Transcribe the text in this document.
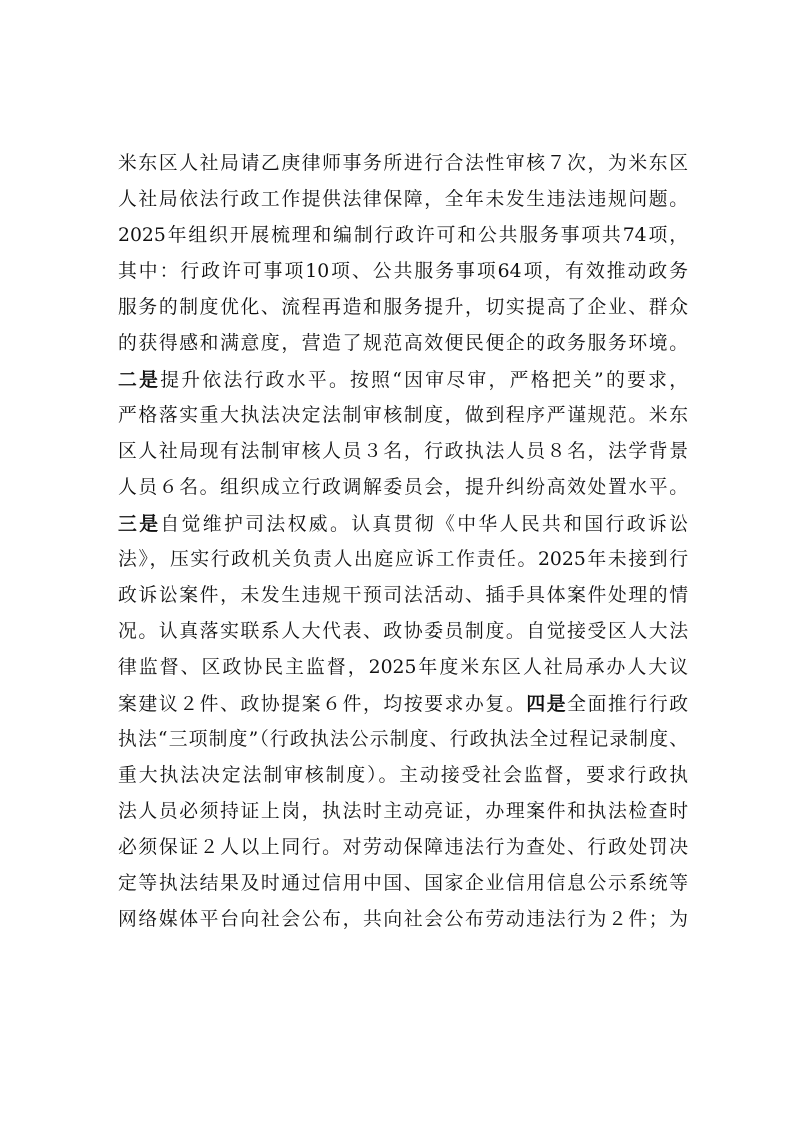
米东区人社局请乙庚律师事务所进行合法性审核７次，为米东区
人社局依法行政工作提供法律保障，全年未发生违法违规问题。
2025年组织开展梳理和编制行政许可和公共服务事项共74项，
其中：行政许可事项10项、公共服务事项64项，有效推动政务
服务的制度优化、流程再造和服务提升，切实提高了企业、群众
的获得感和满意度，营造了规范高效便民便企的政务服务环境。
二是提升依法行政水平。按照“因审尽审，严格把关”的要求，
严格落实重大执法决定法制审核制度，做到程序严谨规范。米东
区人社局现有法制审核人员３名，行政执法人员８名，法学背景
人员６名。组织成立行政调解委员会，提升纠纷高效处置水平。
三是自觉维护司法权威。认真贯彻《中华人民共和国行政诉讼
法》，压实行政机关负责人出庭应诉工作责任。2025年未接到行
政诉讼案件，未发生违规干预司法活动、插手具体案件处理的情
况。认真落实联系人大代表、政协委员制度。自觉接受区人大法
律监督、区政协民主监督，2025年度米东区人社局承办人大议
案建议２件、政协提案６件，均按要求办复。四是全面推行行政
执法“三项制度”（行政执法公示制度、行政执法全过程记录制度、
重大执法决定法制审核制度）。主动接受社会监督，要求行政执
法人员必须持证上岗，执法时主动亮证，办理案件和执法检查时
必须保证２人以上同行。对劳动保障违法行为查处、行政处罚决
定等执法结果及时通过信用中国、国家企业信用信息公示系统等
网络媒体平台向社会公布，共向社会公布劳动违法行为２件；为
